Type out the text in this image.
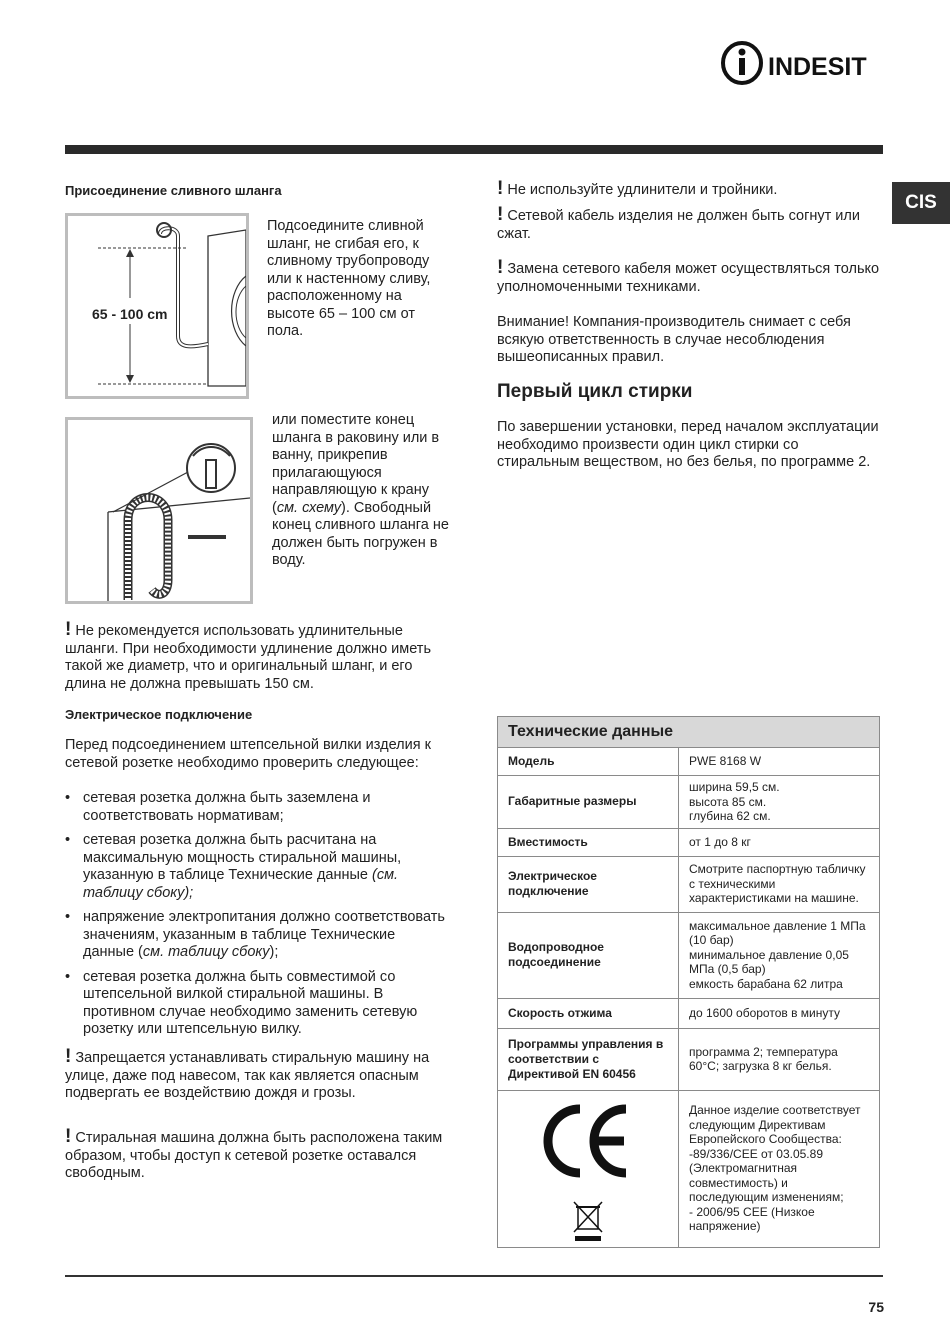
INDESIT
CIS
Присоединение сливного шланга
65 - 100 cm
Подсоедините сливной шланг, не сгибая его, к сливному трубопроводу или к настенному сливу, расположенному на высоте 65 – 100 см от пола.
или поместите конец шланга в раковину или в ванну, прикрепив прилагающуюся направляющую к крану (см. схему). Свободный конец сливного шланга не должен быть погружен в воду.
! Не рекомендуется использовать удлинительные шланги. При необходимости удлинение должно иметь такой же диаметр, что и оригинальный шланг, и его длина не должна превышать 150 см.
Электрическое подключение
Перед подсоединением штепсельной вилки изделия к сетевой розетке необходимо проверить следующее:
• сетевая розетка должна быть заземлена и соответствовать нормативам;
• сетевая розетка должна быть расчитана на максимальную мощность стиральной машины, указанную в таблице Технические данные (см. таблицу сбоку);
• напряжение электропитания должно соответствовать значениям, указанным в таблице Технические данные (см. таблицу сбоку);
• сетевая розетка должна быть совместимой со штепсельной вилкой стиральной машины. В противном случае необходимо заменить сетевую розетку или штепсельную вилку.
! Запрещается устанавливать стиральную машину на улице, даже под навесом, так как является опасным подвергать ее воздействию дождя и грозы.
! Стиральная машина должна быть расположена таким образом, чтобы доступ к сетевой розетке оставался свободным.
! Не используйте удлинители и тройники.
! Сетевой кабель изделия не должен быть согнут или сжат.
! Замена сетевого кабеля может осуществляться только уполномоченными техниками.
Внимание! Компания-производитель снимает с себя всякую ответственность в случае несоблюдения вышеописанных правил.
Первый цикл стирки
По завершении установки, перед началом эксплуатации необходимо произвести один цикл стирки со стиральным веществом, но без белья, по программе 2.
Технические данные	
Модель	PWE 8168 W
Габаритные размеры	ширина 59,5 см.
высота 85 см.
глубина 62 см.
Вместимость	от 1 до 8 кг
Электрическое подключение	Смотрите паспортную табличку с техническими характеристиками на машине.
Водопроводное подсоединение	максимальное давление 1 МПа (10 бар)
минимальное давление 0,05 МПа (0,5 бар)
емкость барабана 62 литра
Скорость отжима	до 1600 оборотов в минуту
Программы управления в соответствии с Директивой EN 60456	программа 2; температура 60°C; загрузка 8 кг белья.

	Данное изделие соответствует следующим Директивам Европейского Сообщества:
-89/336/CEE от 03.05.89 (Электромагнитная совместимость) и последующим изменениям;
- 2006/95 CEE (Низкое напряжение)
75
